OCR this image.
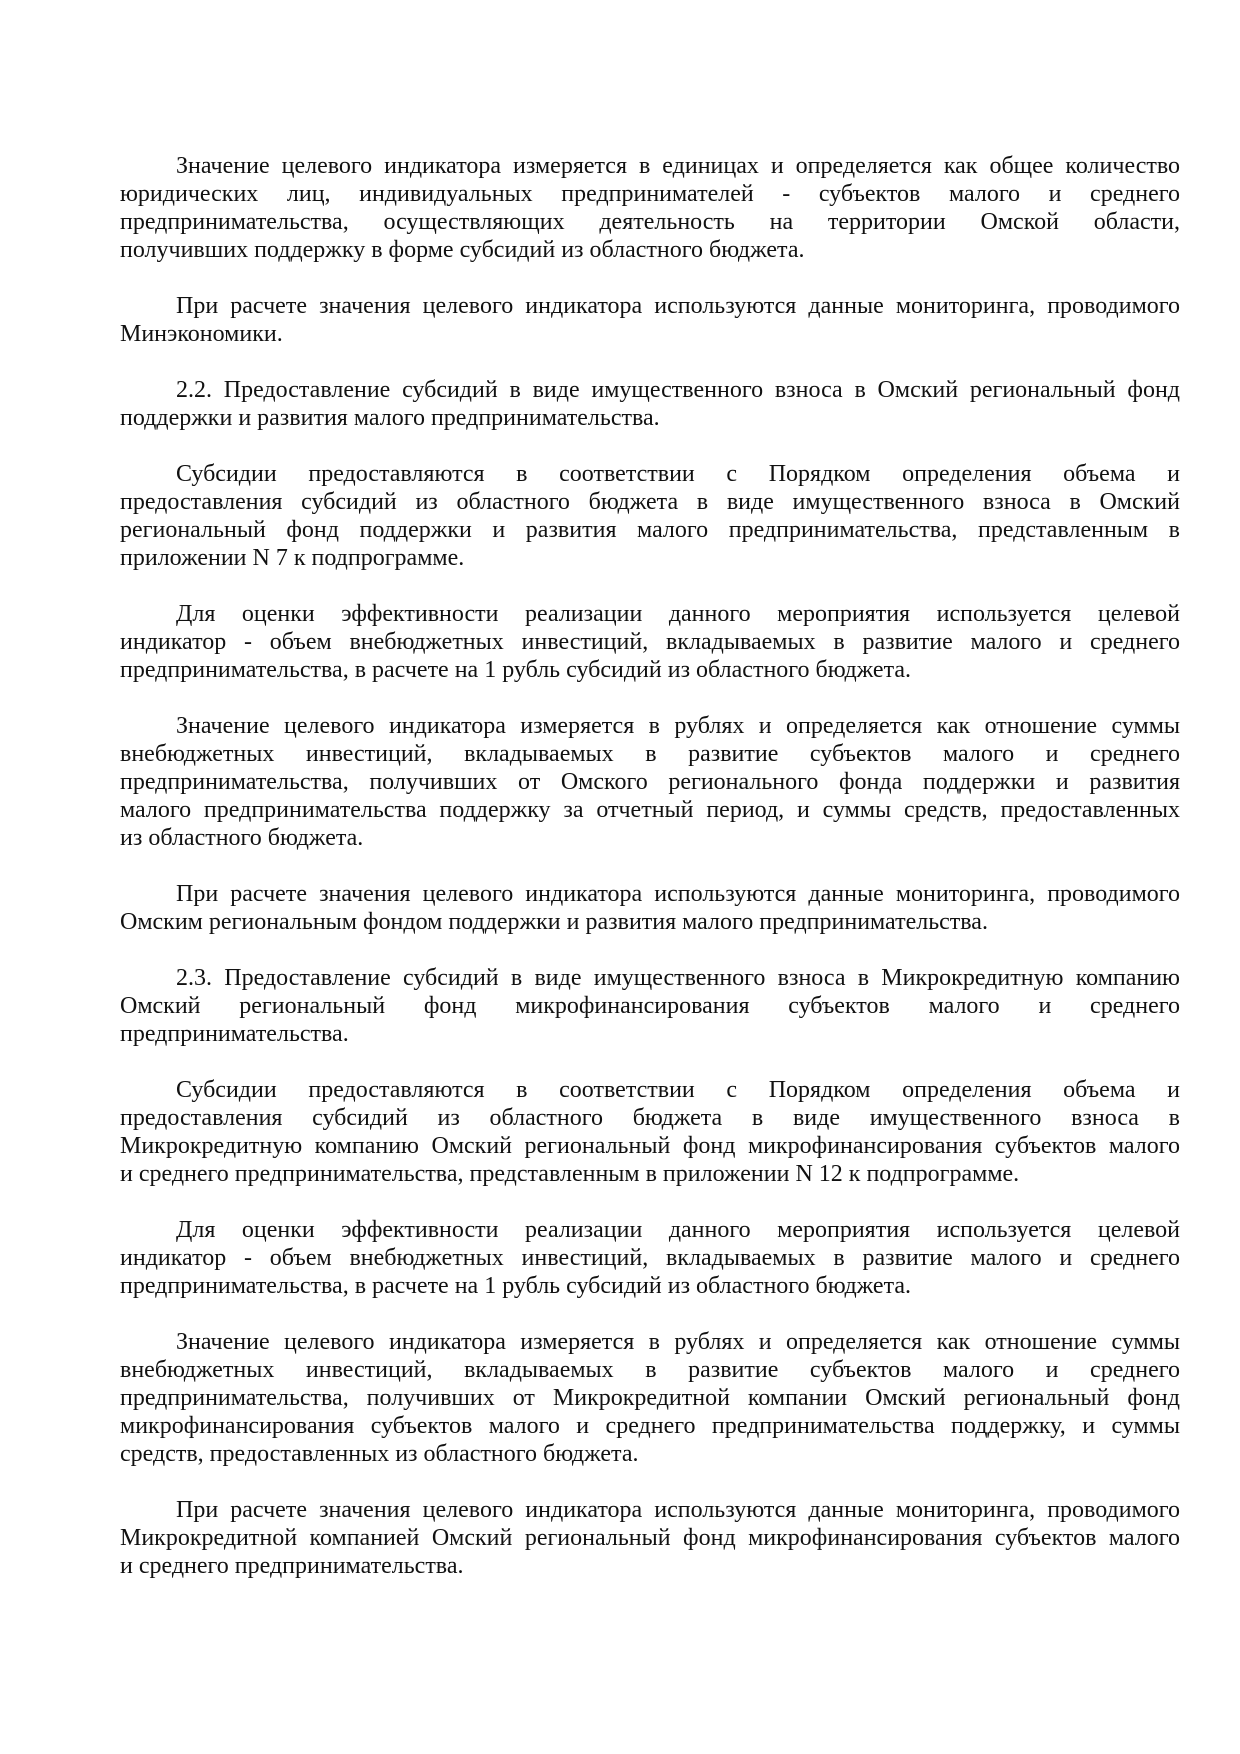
Значение целевого индикатора измеряется в единицах и определяется как общее количество
юридических лиц, индивидуальных предпринимателей - субъектов малого и среднего
предпринимательства, осуществляющих деятельность на территории Омской области,
получивших поддержку в форме субсидий из областного бюджета.
При расчете значения целевого индикатора используются данные мониторинга, проводимого
Минэкономики.
2.2. Предоставление субсидий в виде имущественного взноса в Омский региональный фонд
поддержки и развития малого предпринимательства.
Субсидии предоставляются в соответствии с Порядком определения объема и
предоставления субсидий из областного бюджета в виде имущественного взноса в Омский
региональный фонд поддержки и развития малого предпринимательства, представленным в
приложении N 7 к подпрограмме.
Для оценки эффективности реализации данного мероприятия используется целевой
индикатор - объем внебюджетных инвестиций, вкладываемых в развитие малого и среднего
предпринимательства, в расчете на 1 рубль субсидий из областного бюджета.
Значение целевого индикатора измеряется в рублях и определяется как отношение суммы
внебюджетных инвестиций, вкладываемых в развитие субъектов малого и среднего
предпринимательства, получивших от Омского регионального фонда поддержки и развития
малого предпринимательства поддержку за отчетный период, и суммы средств, предоставленных
из областного бюджета.
При расчете значения целевого индикатора используются данные мониторинга, проводимого
Омским региональным фондом поддержки и развития малого предпринимательства.
2.3. Предоставление субсидий в виде имущественного взноса в Микрокредитную компанию
Омский региональный фонд микрофинансирования субъектов малого и среднего
предпринимательства.
Субсидии предоставляются в соответствии с Порядком определения объема и
предоставления субсидий из областного бюджета в виде имущественного взноса в
Микрокредитную компанию Омский региональный фонд микрофинансирования субъектов малого
и среднего предпринимательства, представленным в приложении N 12 к подпрограмме.
Для оценки эффективности реализации данного мероприятия используется целевой
индикатор - объем внебюджетных инвестиций, вкладываемых в развитие малого и среднего
предпринимательства, в расчете на 1 рубль субсидий из областного бюджета.
Значение целевого индикатора измеряется в рублях и определяется как отношение суммы
внебюджетных инвестиций, вкладываемых в развитие субъектов малого и среднего
предпринимательства, получивших от Микрокредитной компании Омский региональный фонд
микрофинансирования субъектов малого и среднего предпринимательства поддержку, и суммы
средств, предоставленных из областного бюджета.
При расчете значения целевого индикатора используются данные мониторинга, проводимого
Микрокредитной компанией Омский региональный фонд микрофинансирования субъектов малого
и среднего предпринимательства.
